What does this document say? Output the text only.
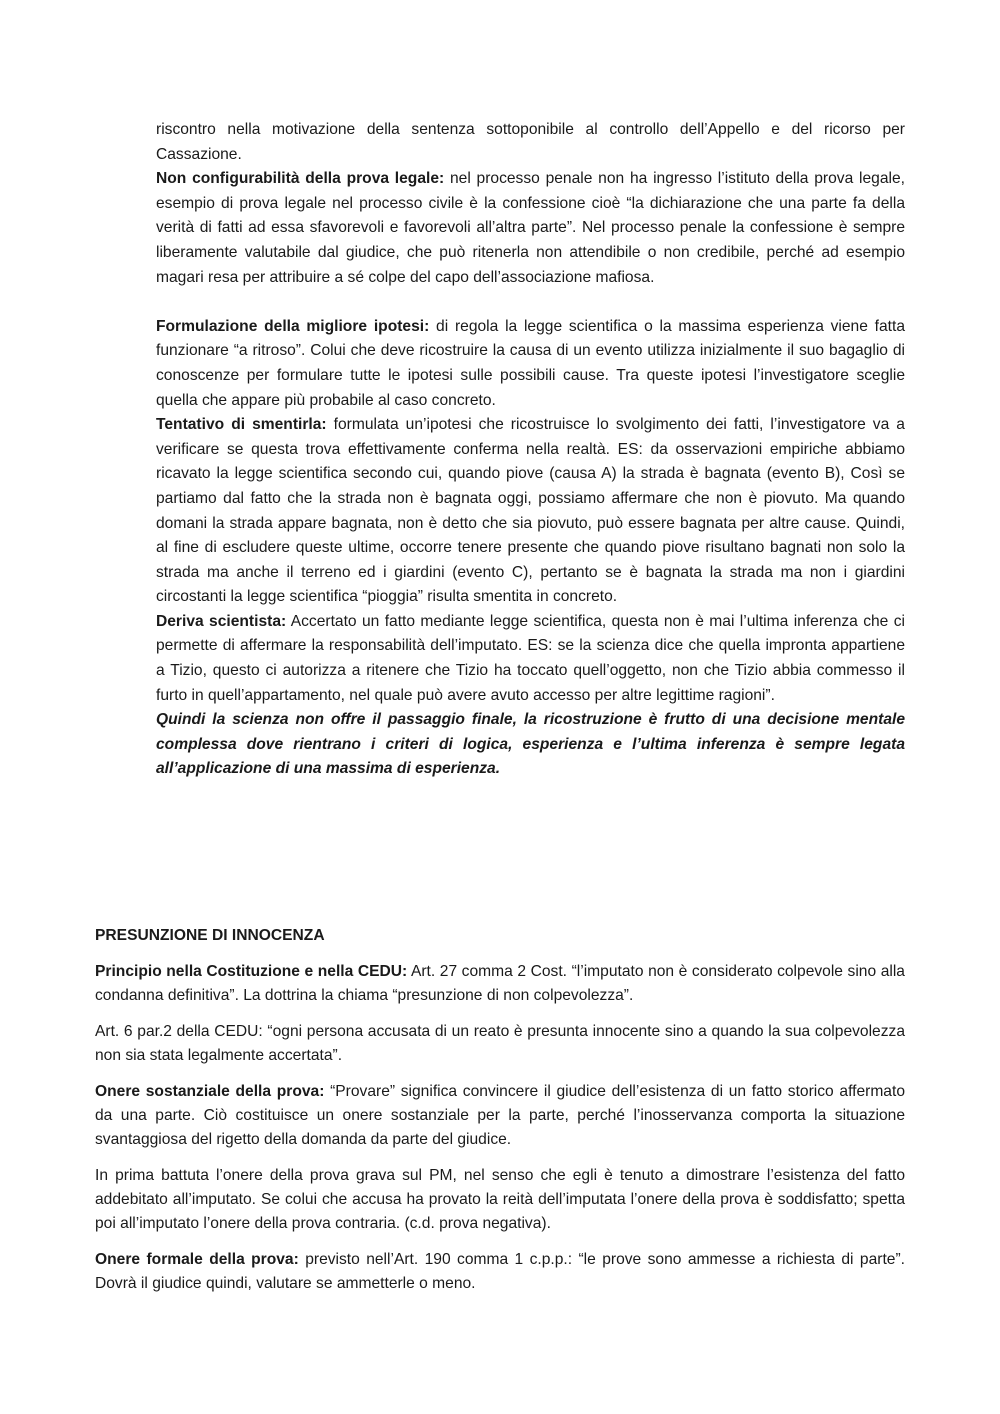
riscontro nella motivazione della sentenza sottoponibile al controllo dell’Appello e del ricorso per Cassazione.

Non configurabilità della prova legale: nel processo penale non ha ingresso l’istituto della prova legale, esempio di prova legale nel processo civile è la confessione cioè “la dichiarazione che una parte fa della verità di fatti ad essa sfavorevoli e favorevoli all’altra parte”. Nel processo penale la confessione è sempre liberamente valutabile dal giudice, che può ritenerla non attendibile o non credibile, perché ad esempio magari resa per attribuire a sé colpe del capo dell’associazione mafiosa.

Formulazione della migliore ipotesi: di regola la legge scientifica o la massima esperienza viene fatta funzionare “a ritroso”. Colui che deve ricostruire la causa di un evento utilizza inizialmente il suo bagaglio di conoscenze per formulare tutte le ipotesi sulle possibili cause. Tra queste ipotesi l’investigatore sceglie quella che appare più probabile al caso concreto.

Tentativo di smentirla: formulata un’ipotesi che ricostruisce lo svolgimento dei fatti, l’investigatore va a verificare se questa trova effettivamente conferma nella realtà. ES: da osservazioni empiriche abbiamo ricavato la legge scientifica secondo cui, quando piove (causa A) la strada è bagnata (evento B), Così se partiamo dal fatto che la strada non è bagnata oggi, possiamo affermare che non è piovuto. Ma quando domani la strada appare bagnata, non è detto che sia piovuto, può essere bagnata per altre cause. Quindi, al fine di escludere queste ultime, occorre tenere presente che quando piove risultano bagnati non solo la strada ma anche il terreno ed i giardini (evento C), pertanto se è bagnata la strada ma non i giardini circostanti la legge scientifica “pioggia” risulta smentita in concreto.

Deriva scientista: Accertato un fatto mediante legge scientifica, questa non è mai l’ultima inferenza che ci permette di affermare la responsabilità dell’imputato. ES: se la scienza dice che quella impronta appartiene a Tizio, questo ci autorizza a ritenere che Tizio ha toccato quell’oggetto, non che Tizio abbia commesso il furto in quell’appartamento, nel quale può avere avuto accesso per altre legittime ragioni”.

Quindi la scienza non offre il passaggio finale, la ricostruzione è frutto di una decisione mentale complessa dove rientrano i criteri di logica, esperienza e l’ultima inferenza è sempre legata all’applicazione di una massima di esperienza.

PRESUNZIONE DI INNOCENZA

Principio nella Costituzione e nella CEDU: Art. 27 comma 2 Cost. “l’imputato non è considerato colpevole sino alla condanna definitiva”. La dottrina la chiama “presunzione di non colpevolezza”.

Art. 6 par.2 della CEDU: “ogni persona accusata di un reato è presunta innocente sino a quando la sua colpevolezza non sia stata legalmente accertata”.

Onere sostanziale della prova: “Provare” significa convincere il giudice dell’esistenza di un fatto storico affermato da una parte. Ciò costituisce un onere sostanziale per la parte, perché l’inosservanza comporta la situazione svantaggiosa del rigetto della domanda da parte del giudice.

In prima battuta l’onere della prova grava sul PM, nel senso che egli è tenuto a dimostrare l’esistenza del fatto addebitato all’imputato. Se colui che accusa ha provato la reità dell’imputata l’onere della prova è soddisfatto; spetta poi all’imputato l’onere della prova contraria. (c.d. prova negativa).

Onere formale della prova: previsto nell’Art. 190 comma 1 c.p.p.: “le prove sono ammesse a richiesta di parte”. Dovrà il giudice quindi, valutare se ammetterle o meno.
